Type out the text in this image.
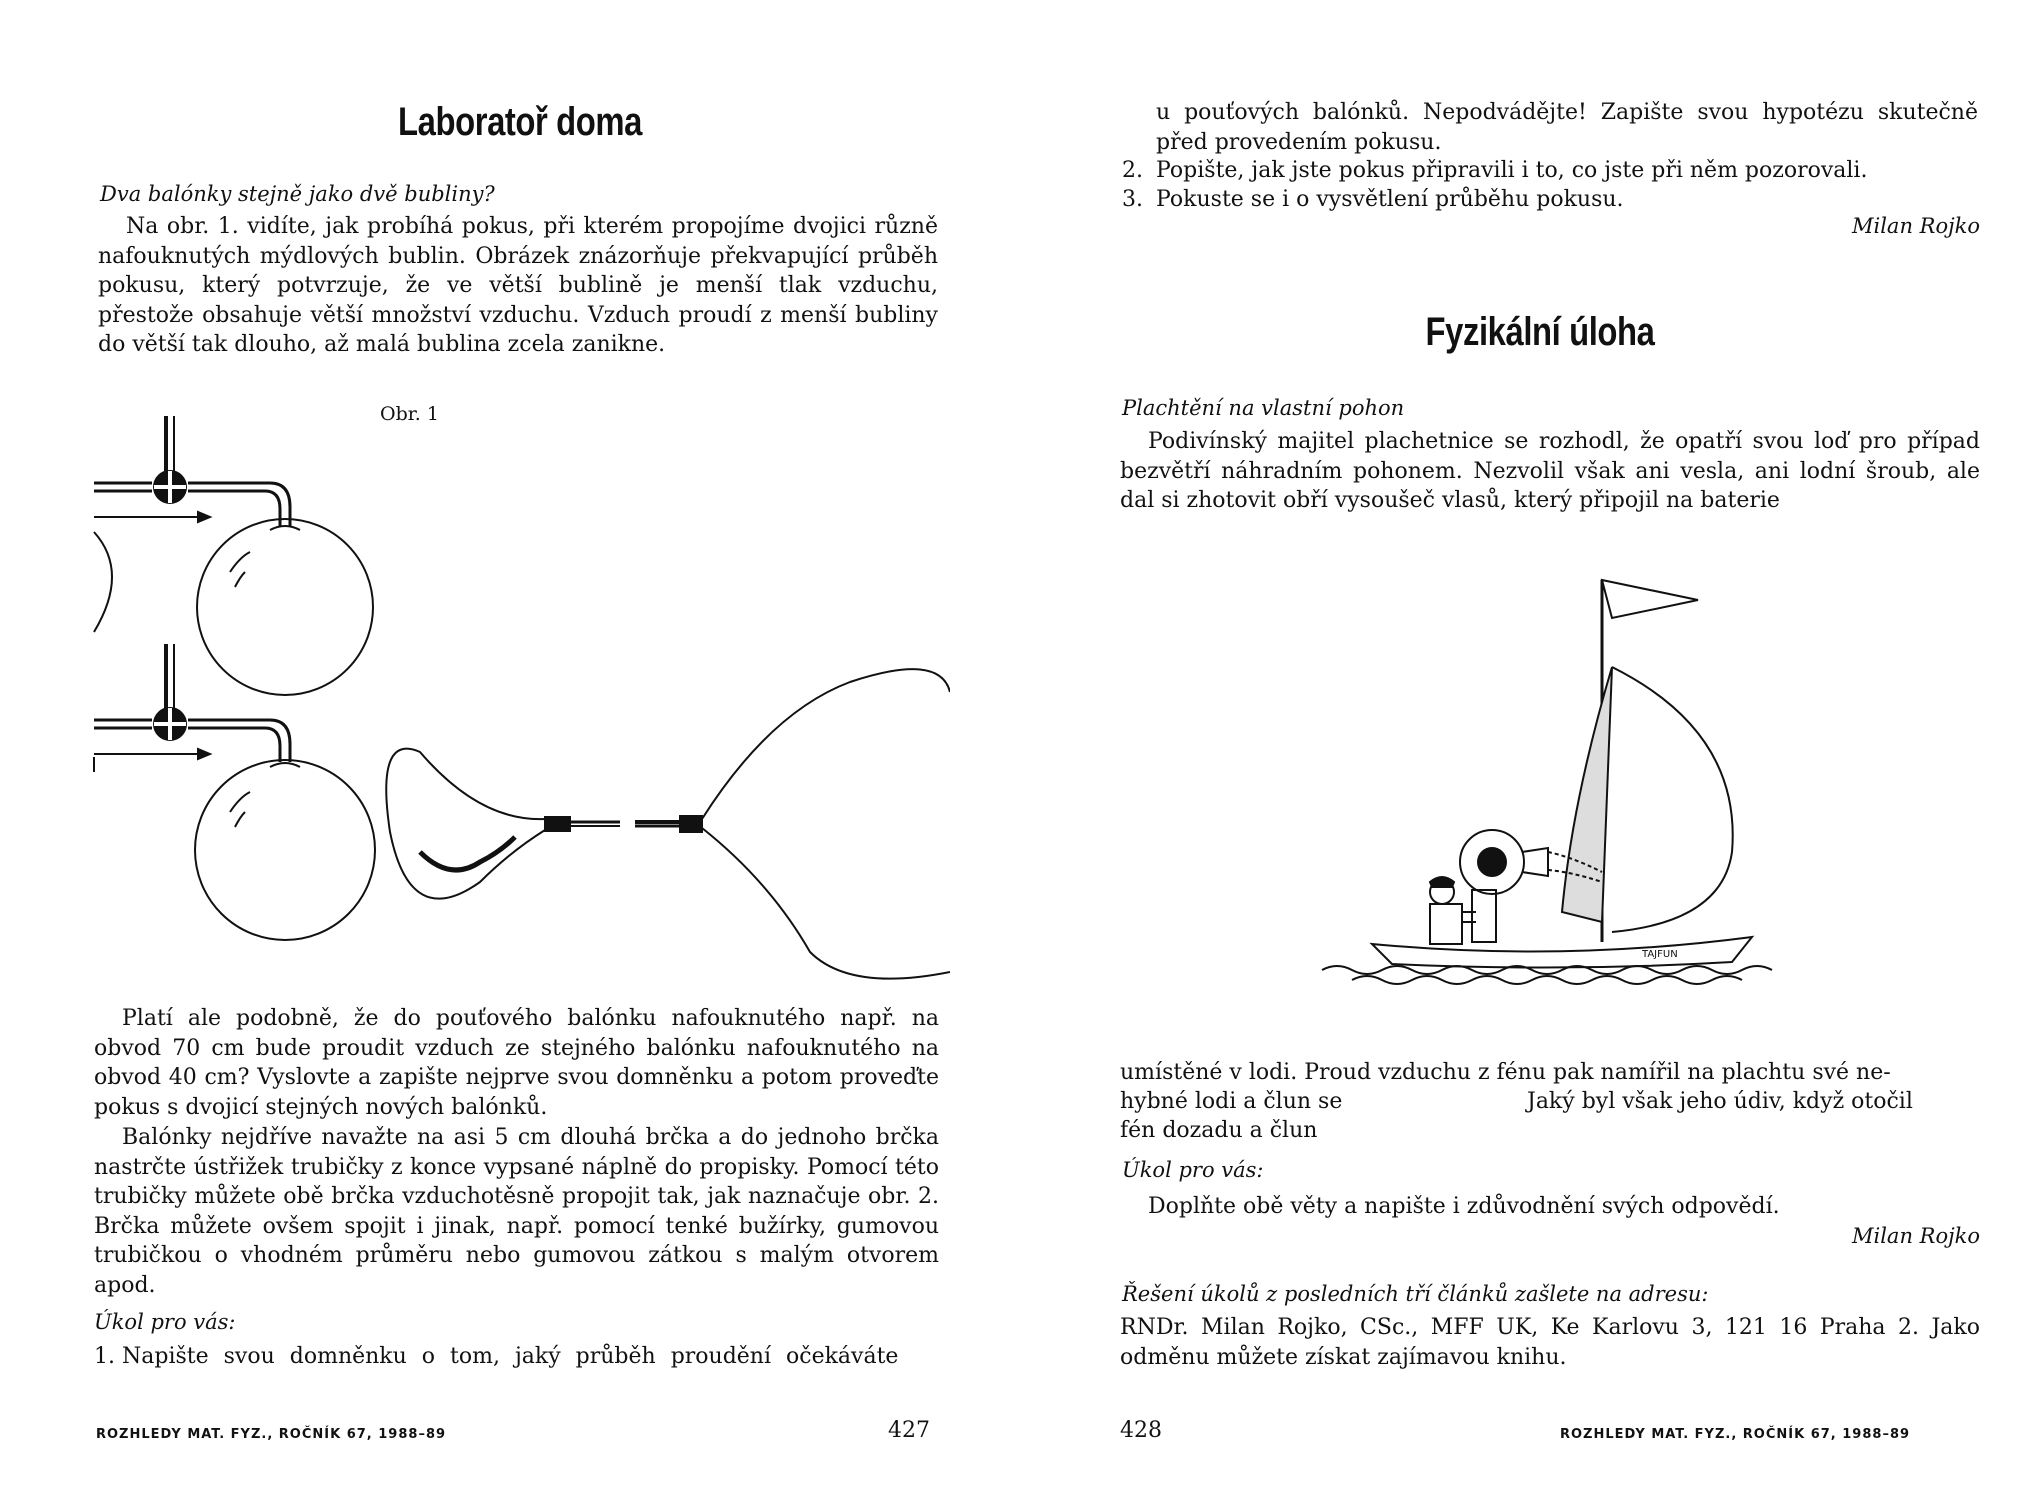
Laboratoř doma
Dva balónky stejně jako dvě bubliny?

Na obr. 1. vidíte, jak probíhá pokus, při kterém propojíme dvojici různě nafouknutých mýdlových bublin. Obrázek znázorňuje překvapující průběh pokusu, který potvrzuje, že ve větší bublině je menší tlak vzduchu, přestože obsahuje větší množství vzduchu. Vzduch proudí z menší bubliny do větší tak dlouho, až malá bublina zcela zanikne.

Obr. 1

Platí ale podobně, že do pouťového balónku nafouknutého např. na obvod 70 cm bude proudit vzduch ze stejného balónku nafouknutého na obvod 40 cm? Vyslovte a zapište nejprve svou domněnku a potom proveďte pokus s dvojicí stejných nových balónků.

Balónky nejdříve navažte na asi 5 cm dlouhá brčka a do jednoho brčka nastrčte ústřižek trubičky z konce vypsané náplně do propisky. Pomocí této trubičky můžete obě brčka vzduchotěsně propojit tak, jak naznačuje obr. 2. Brčka můžete ovšem spojit i jinak, např. pomocí tenké bužírky, gumovou trubičkou o vhodném průměru nebo gumovou zátkou s malým otvorem apod.

Úkol pro vás:
1. Napište svou domněnku o tom, jaký průběh proudění očekáváte
ROZHLEDY MAT. FYZ., ROČNÍK 67, 1988–89	427

u pouťových balónků. Nepodvádějte! Zapište svou hypotézu skutečně před provedením pokusu.

2. Popište, jak jste pokus připravili i to, co jste při něm pozorovali.
3. Pokuste se i o vysvětlení průběhu pokusu.
Milan Rojko
Fyzikální úloha
Plachtění na vlastní pohon

Podivínský majitel plachetnice se rozhodl, že opatří svou loď pro případ bezvětří náhradním pohonem. Nezvolil však ani vesla, ani lodní šroub, ale dal si zhotovit obří vysoušeč vlasů, který připojil na baterie

TAJFUN
umístěné v lodi. Proud vzduchu z fénu pak namířil na plachtu své ne-
hybné lodi a člun se	Jaký byl však jeho údiv, když otočil
fén dozadu a člun
Úkol pro vás:
Doplňte obě věty a napište i zdůvodnění svých odpovědí.
Milan Rojko
Řešení úkolů z posledních tří článků zašlete na adresu:

RNDr. Milan Rojko, CSc., MFF UK, Ke Karlovu 3, 121 16 Praha 2. Jako odměnu můžete získat zajímavou knihu.

428	ROZHLEDY MAT. FYZ., ROČNÍK 67, 1988–89
